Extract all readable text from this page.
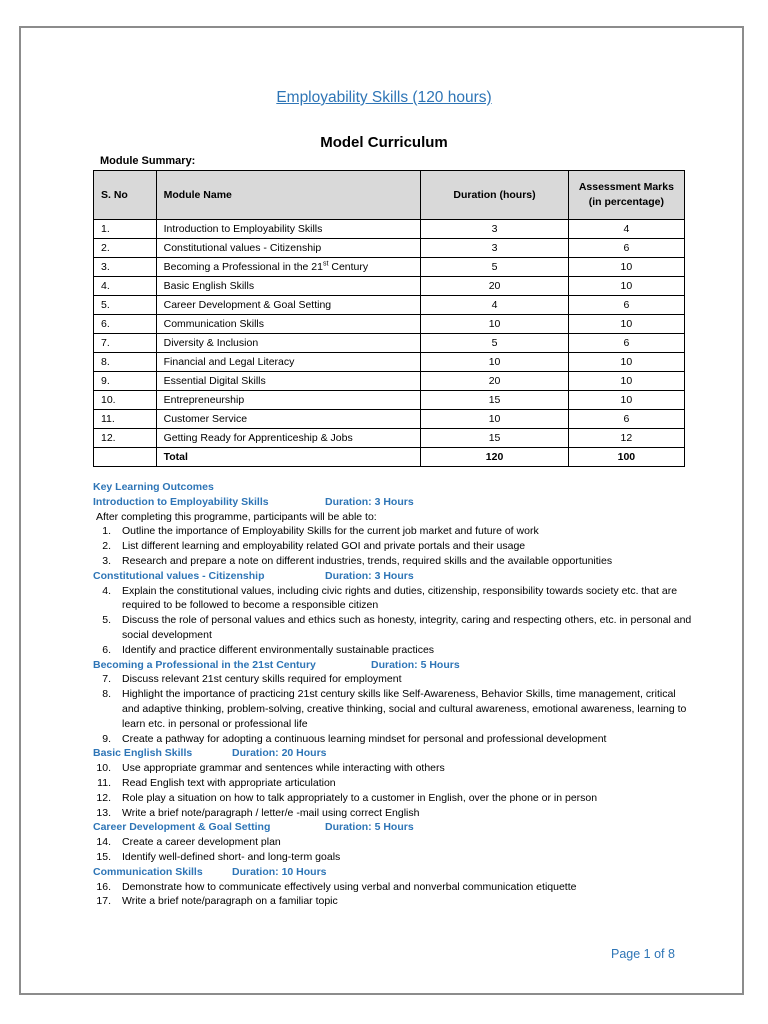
Employability Skills (120 hours)
Model Curriculum
Module Summary:
S. No	Module Name	Duration (hours)	Assessment Marks (in percentage)
1.	Introduction to Employability Skills	3	4
2.	Constitutional values - Citizenship	3	6
3.	Becoming a Professional in the 21st Century	5	10
4.	Basic English Skills	20	10
5.	Career Development & Goal Setting	4	6
6.	Communication Skills	10	10
7.	Diversity & Inclusion	5	6
8.	Financial and Legal Literacy	10	10
9.	Essential Digital Skills	20	10
10.	Entrepreneurship	15	10
11.	Customer Service	10	6
12.	Getting Ready for Apprenticeship & Jobs	15	12
	Total	120	100
Key Learning Outcomes
Introduction to Employability Skills	Duration: 3 Hours
After completing this programme, participants will be able to:
1. Outline the importance of Employability Skills for the current job market and future of work
2. List different learning and employability related GOI and private portals and their usage
3. Research and prepare a note on different industries, trends, required skills and the available opportunities
Constitutional values - Citizenship	Duration: 3 Hours
4. Explain the constitutional values, including civic rights and duties, citizenship, responsibility towards society etc. that are required to be followed to become a responsible citizen
5. Discuss the role of personal values and ethics such as honesty, integrity, caring and respecting others, etc. in personal and social development
6. Identify and practice different environmentally sustainable practices
Becoming a Professional in the 21st Century	Duration: 5 Hours
7. Discuss relevant 21st century skills required for employment
8. Highlight the importance of practicing 21st century skills like Self-Awareness, Behavior Skills, time management, critical and adaptive thinking, problem-solving, creative thinking, social and cultural awareness, emotional awareness, learning to learn etc. in personal or professional life
9. Create a pathway for adopting a continuous learning mindset for personal and professional development
Basic English Skills	Duration: 20 Hours
10. Use appropriate grammar and sentences while interacting with others
11. Read English text with appropriate articulation
12. Role play a situation on how to talk appropriately to a customer in English, over the phone or in person
13. Write a brief note/paragraph / letter/e -mail using correct English
Career Development & Goal Setting	Duration: 5 Hours
14. Create a career development plan
15. Identify well-defined short- and long-term goals
Communication Skills	Duration: 10 Hours
16. Demonstrate how to communicate effectively using verbal and nonverbal communication etiquette
17. Write a brief note/paragraph on a familiar topic
Page 1 of 8
